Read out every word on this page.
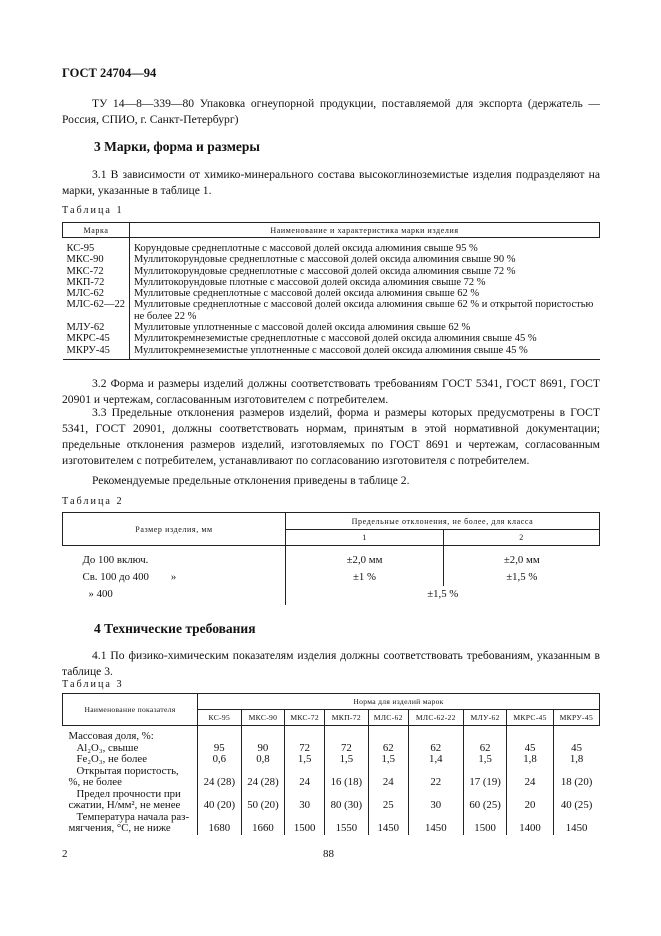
ГОСТ 24704—94
ТУ 14—8—339—80 Упаковка огнеупорной продукции, поставляемой для экспорта (держатель — Россия, СПИО, г. Санкт-Петербург)
3 Марки, форма и размеры
3.1 В зависимости от химико-минерального состава высокоглиноземистые изделия подразделяют на марки, указанные в таблице 1.
Таблица 1
Марка	Наименование и характеристика марки изделия
КС-95	Корундовые среднеплотные с массовой долей оксида алюминия свыше 95 %
МКС-90	Муллитокорундовые среднеплотные с массовой долей оксида алюминия свыше 90 %
МКС-72	Муллитокорундовые среднеплотные с массовой долей оксида алюминия свыше 72 %
МКП-72	Муллитокорундовые плотные с массовой долей оксида алюминия свыше 72 %
МЛС-62	Муллитовые среднеплотные с массовой долей оксида алюминия свыше 62 %
МЛС-62—22	Муллитовые среднеплотные с массовой долей оксида алюминия свыше 62 % и открытой пористостью не более 22 %
МЛУ-62	Муллитовые уплотненные с массовой долей оксида алюминия свыше 62 %
МКРС-45	Муллитокремнеземистые среднеплотные с массовой долей оксида алюминия свыше 45 %
МКРУ-45	Муллитокремнеземистые уплотненные с массовой долей оксида алюминия свыше 45 %
3.2 Форма и размеры изделий должны соответствовать требованиям ГОСТ 5341, ГОСТ 8691, ГОСТ 20901 и чертежам, согласованным изготовителем с потребителем.
3.3 Предельные отклонения размеров изделий, форма и размеры которых предусмотрены в ГОСТ 5341, ГОСТ 20901, должны соответствовать нормам, принятым в этой нормативной документации; предельные отклонения размеров изделий, изготовляемых по ГОСТ 8691 и чертежам, согласованным изготовителем с потребителем, устанавливают по согласованию изготовителя с потребителем.
Рекомендуемые предельные отклонения приведены в таблице 2.
Таблица 2
Размер изделия, мм	Предельные отклонения, не более, для класса	
	1	2
До 100 включ.	±2,0 мм	±2,0 мм
Св. 100 до 400 »	±1 %	±1,5 %
» 400	±1,5 %	
4 Технические требования
4.1 По физико-химическим показателям изделия должны соответствовать требованиям, указанным в таблице 3.
Таблица 3
Наименование показателя	Норма для изделий марок								
	КС-95	МКС-90	МКС-72	МКП-72	МЛС-62	МЛС-62-22	МЛУ-62	МКРС-45	МКРУ-45
Массовая доля, %:									
Al₂O₃, свыше	95	90	72	72	62	62	62	45	45
Fe₂O₃, не более	0,6	0,8	1,5	1,5	1,5	1,4	1,5	1,8	1,8
Открытая пористость,
%, не более	24 (28)	24 (28)	24	16 (18)	24	22	17 (19)	24	18 (20)
Предел прочности при
сжатии, Н/мм², не менее	40 (20)	50 (20)	30	80 (30)	25	30	60 (25)	20	40 (25)
Температура начала раз-
мягчения, °С, не ниже	1680	1660	1500	1550	1450	1450	1500	1400	1450
2	88
